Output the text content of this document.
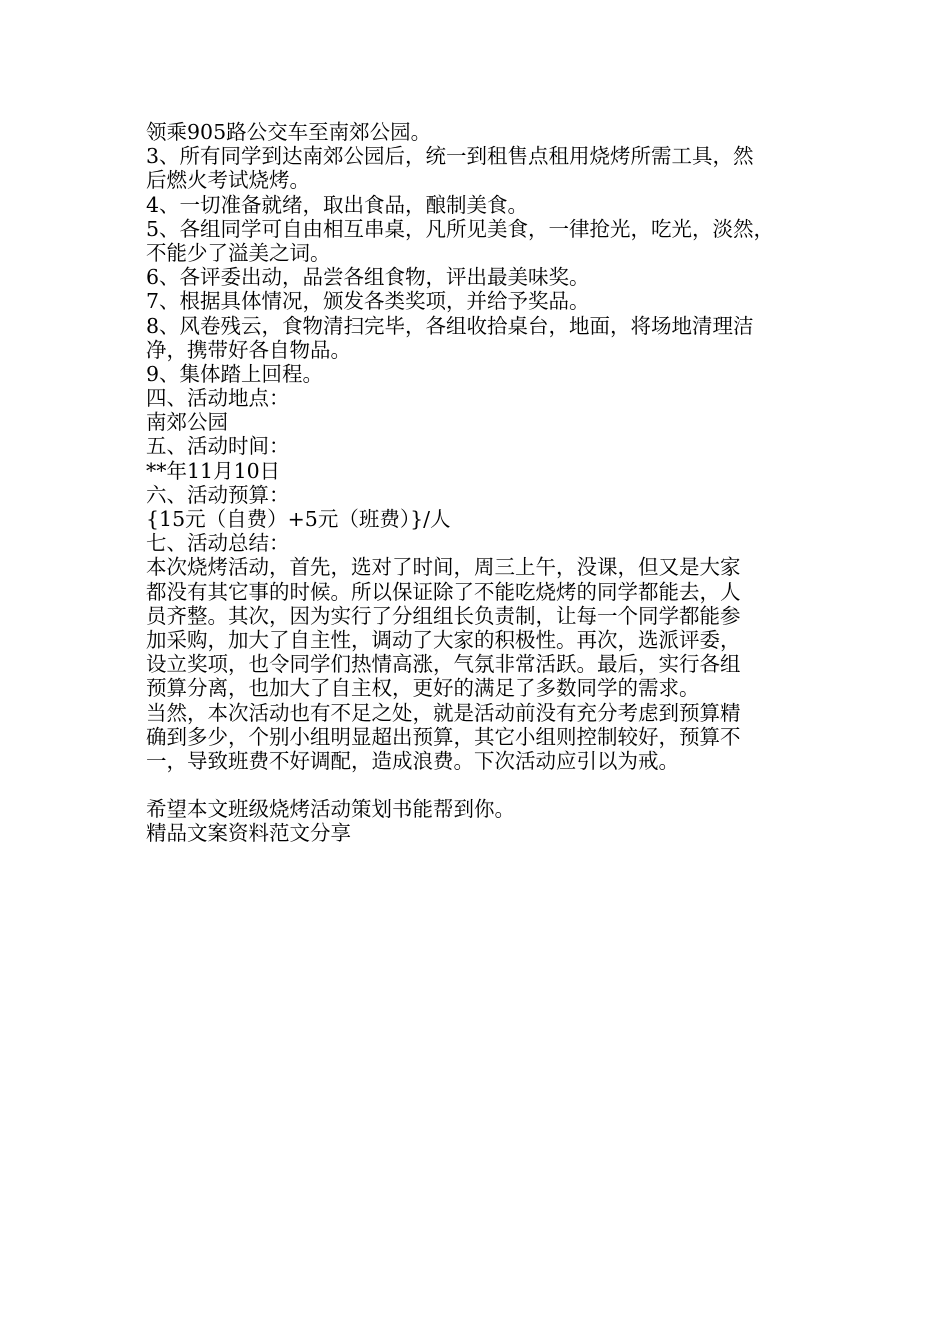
领乘905路公交车至南郊公园。
3、所有同学到达南郊公园后，统一到租售点租用烧烤所需工具，然
后燃火考试烧烤。
4、一切准备就绪，取出食品，酿制美食。
5、各组同学可自由相互串桌，凡所见美食，一律抢光，吃光，淡然，
不能少了溢美之词。
6、各评委出动，品尝各组食物，评出最美味奖。
7、根据具体情况，颁发各类奖项，并给予奖品。
8、风卷残云，食物清扫完毕，各组收拾桌台，地面，将场地清理洁
净，携带好各自物品。
9、集体踏上回程。
四、活动地点：
南郊公园
五、活动时间：
**年11月10日
六、活动预算：
{15元（自费）+5元（班费）}/人
七、活动总结：
本次烧烤活动，首先，选对了时间，周三上午，没课，但又是大家
都没有其它事的时候。所以保证除了不能吃烧烤的同学都能去，人
员齐整。其次，因为实行了分组组长负责制，让每一个同学都能参
加采购，加大了自主性，调动了大家的积极性。再次，选派评委，
设立奖项，也令同学们热情高涨，气氛非常活跃。最后，实行各组
预算分离，也加大了自主权，更好的满足了多数同学的需求。
当然，本次活动也有不足之处，就是活动前没有充分考虑到预算精
确到多少，个别小组明显超出预算，其它小组则控制较好，预算不
一，导致班费不好调配，造成浪费。下次活动应引以为戒。
希望本文班级烧烤活动策划书能帮到你。
精品文案资料范文分享
